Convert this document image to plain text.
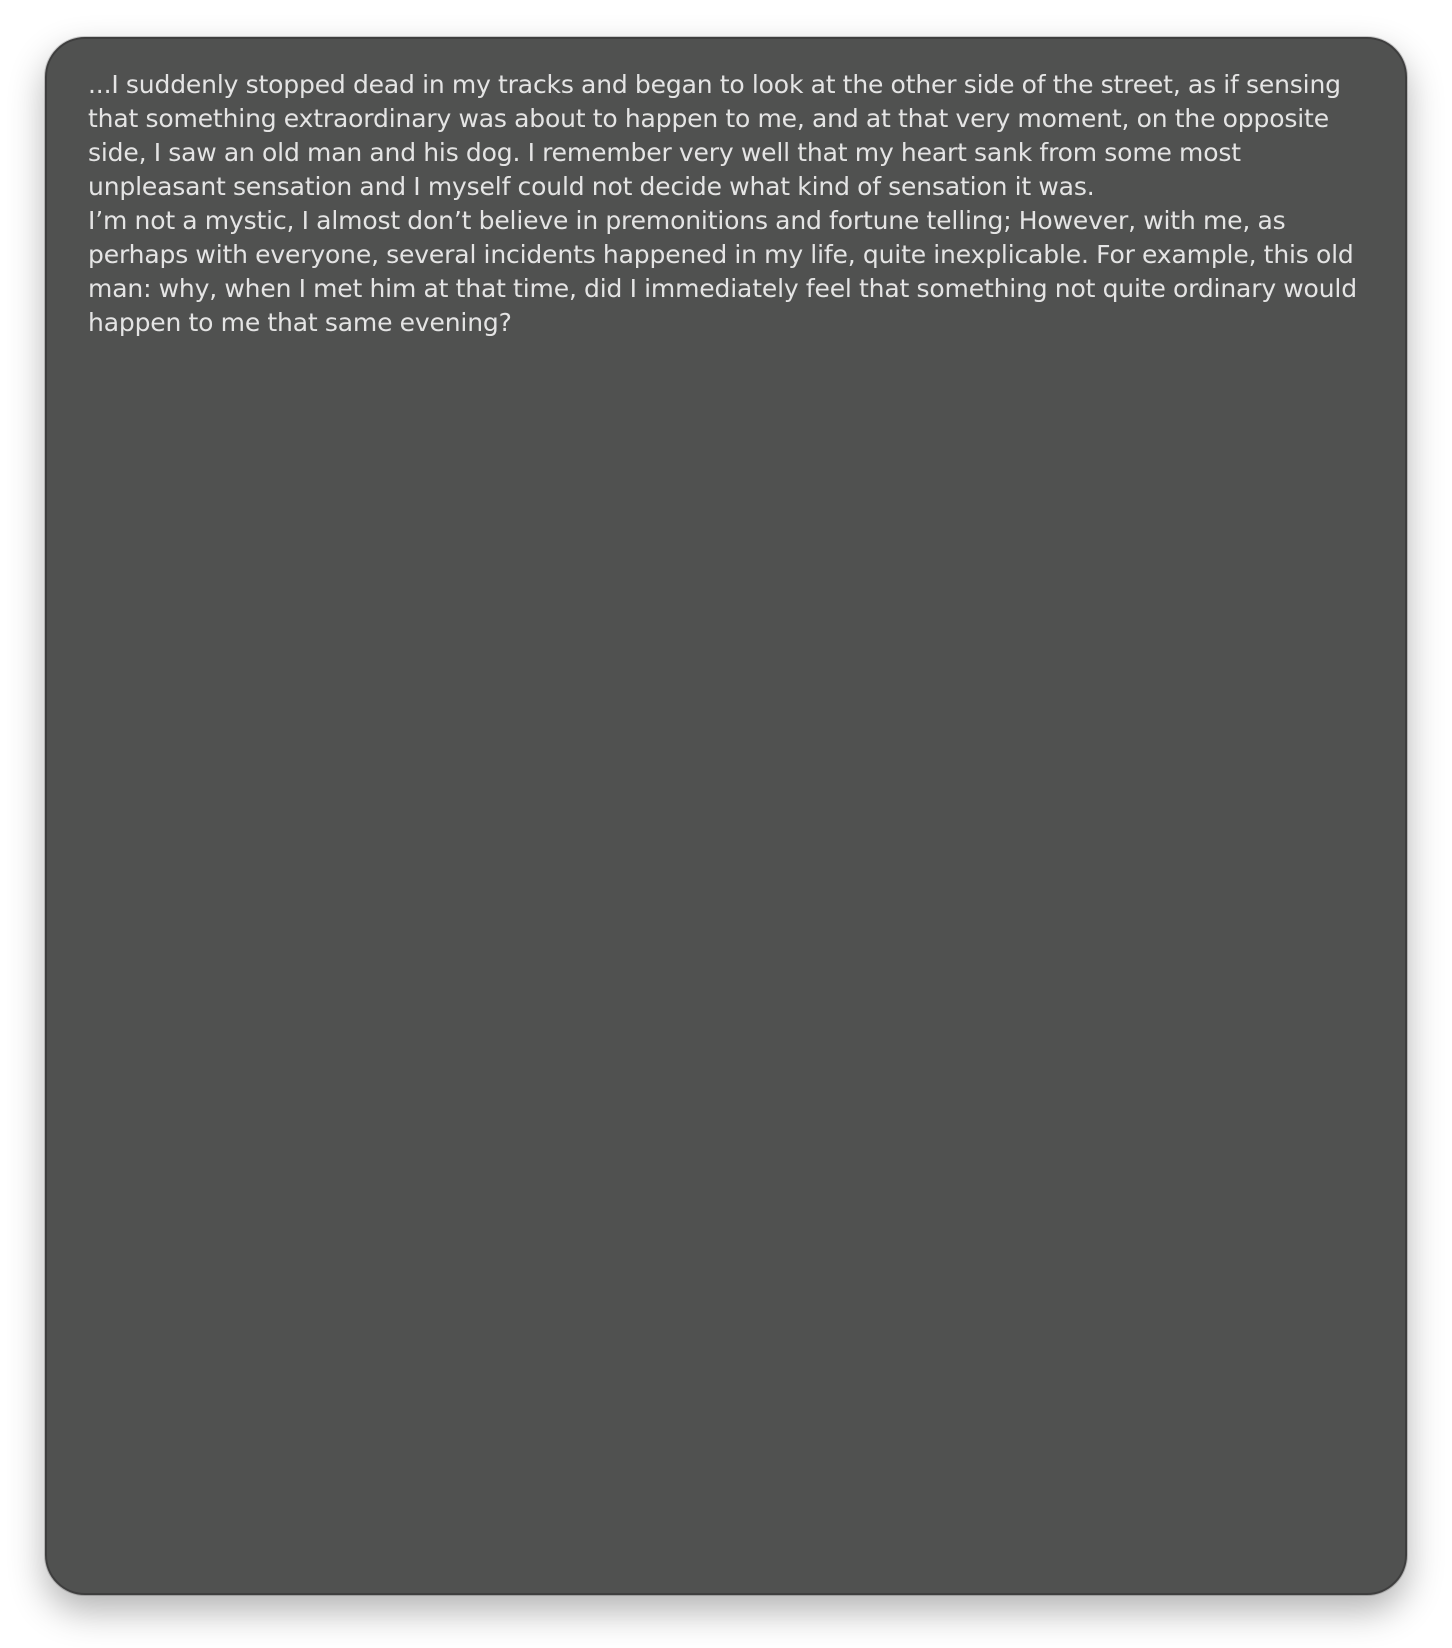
...I suddenly stopped dead in my tracks and began to look at the other side of the street, as if sensing that something extraordinary was about to happen to me, and at that very moment, on the opposite side, I saw an old man and his dog. I remember very well that my heart sank from some most unpleasant sensation and I myself could not decide what kind of sensation it was.

I’m not a mystic, I almost don’t believe in premonitions and fortune telling; However, with me, as perhaps with everyone, several incidents happened in my life, quite inexplicable. For example, this old man: why, when I met him at that time, did I immediately feel that something not quite ordinary would happen to me that same evening?
